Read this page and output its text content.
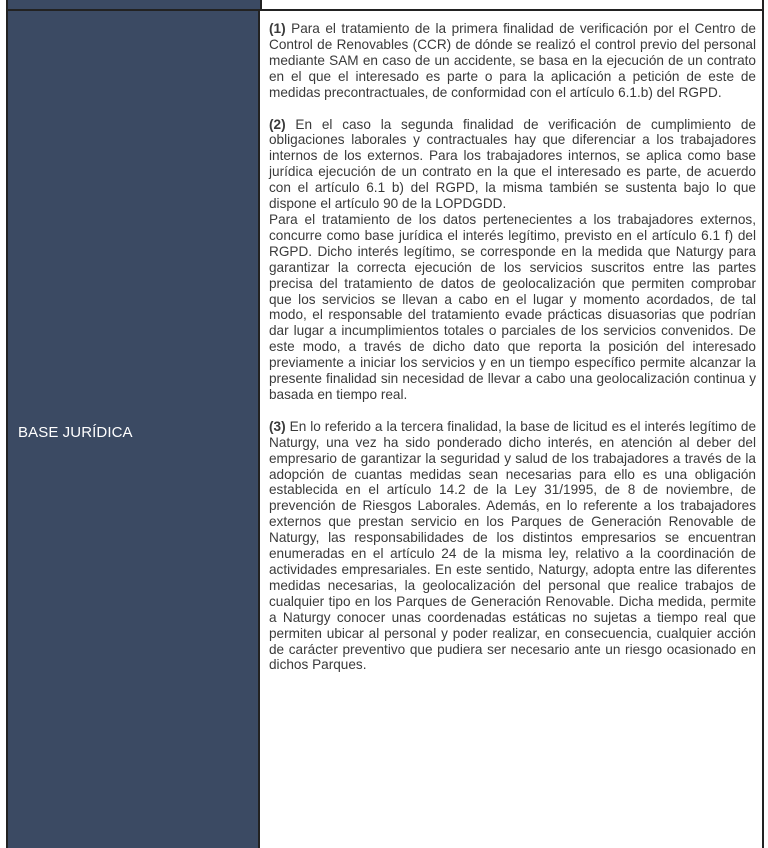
BASE JURÍDICA

(1) Para el tratamiento de la primera finalidad de verificación por el Centro de Control de Renovables (CCR) de dónde se realizó el control previo del personal mediante SAM en caso de un accidente, se basa en la ejecución de un contrato en el que el interesado es parte o para la aplicación a petición de este de medidas precontractuales, de conformidad con el artículo 6.1.b) del RGPD.

(2) En el caso la segunda finalidad de verificación de cumplimiento de obligaciones laborales y contractuales hay que diferenciar a los trabajadores internos de los externos. Para los trabajadores internos, se aplica como base jurídica ejecución de un contrato en la que el interesado es parte, de acuerdo con el artículo 6.1 b) del RGPD, la misma también se sustenta bajo lo que dispone el artículo 90 de la LOPDGDD.
Para el tratamiento de los datos pertenecientes a los trabajadores externos, concurre como base jurídica el interés legítimo, previsto en el artículo 6.1 f) del RGPD. Dicho interés legítimo, se corresponde en la medida que Naturgy para garantizar la correcta ejecución de los servicios suscritos entre las partes precisa del tratamiento de datos de geolocalización que permiten comprobar que los servicios se llevan a cabo en el lugar y momento acordados, de tal modo, el responsable del tratamiento evade prácticas disuasorias que podrían dar lugar a incumplimientos totales o parciales de los servicios convenidos. De este modo, a través de dicho dato que reporta la posición del interesado previamente a iniciar los servicios y en un tiempo específico permite alcanzar la presente finalidad sin necesidad de llevar a cabo una geolocalización continua y basada en tiempo real.

(3) En lo referido a la tercera finalidad, la base de licitud es el interés legítimo de Naturgy, una vez ha sido ponderado dicho interés, en atención al deber del empresario de garantizar la seguridad y salud de los trabajadores a través de la adopción de cuantas medidas sean necesarias para ello es una obligación establecida en el artículo 14.2 de la Ley 31/1995, de 8 de noviembre, de prevención de Riesgos Laborales. Además, en lo referente a los trabajadores externos que prestan servicio en los Parques de Generación Renovable de Naturgy, las responsabilidades de los distintos empresarios se encuentran enumeradas en el artículo 24 de la misma ley, relativo a la coordinación de actividades empresariales. En este sentido, Naturgy, adopta entre las diferentes medidas necesarias, la geolocalización del personal que realice trabajos de cualquier tipo en los Parques de Generación Renovable. Dicha medida, permite a Naturgy conocer unas coordenadas estáticas no sujetas a tiempo real que permiten ubicar al personal y poder realizar, en consecuencia, cualquier acción de carácter preventivo que pudiera ser necesario ante un riesgo ocasionado en dichos Parques.
